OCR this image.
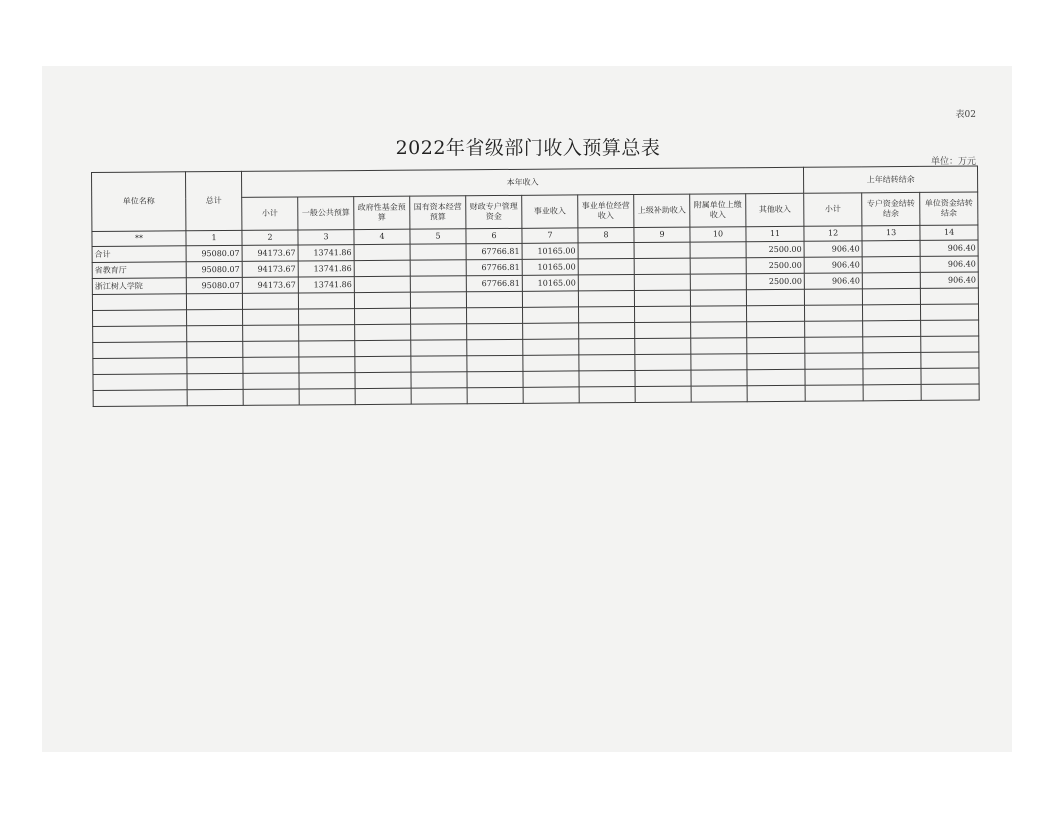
表02
2022年省级部门收入预算总表
单位：万元
单位名称	总计	本年收入										上年结转结余		
		小计	一般公共预算	政府性基金预算	国有资本经营预算	财政专户管理资金	事业收入	事业单位经营收入	上级补助收入	附属单位上缴收入	其他收入	小计	专户资金结转结余	单位资金结转结余
**	1	2	3	4	5	6	7	8	9	10	11	12	13	14
合计	95080.07	94173.67	13741.86			67766.81	10165.00				2500.00	906.40		906.40
省教育厅	95080.07	94173.67	13741.86			67766.81	10165.00				2500.00	906.40		906.40
浙江树人学院	95080.07	94173.67	13741.86			67766.81	10165.00				2500.00	906.40		906.40
